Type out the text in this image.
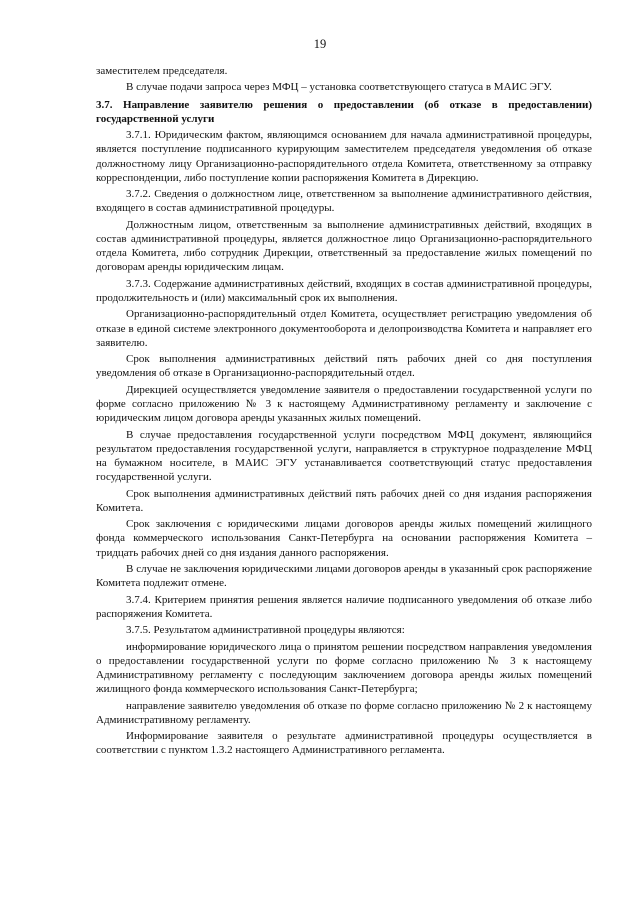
19

заместителем председателя.

В случае подачи запроса через МФЦ – установка соответствующего статуса в МАИС ЭГУ.

3.7. Направление заявителю решения о предоставлении (об отказе в предоставлении) государственной услуги

3.7.1. Юридическим фактом, являющимся основанием для начала административной процедуры, является поступление подписанного курирующим заместителем председателя уведомления об отказе должностному лицу Организационно-распорядительного отдела Комитета, ответственному за отправку корреспонденции, либо поступление копии распоряжения Комитета в Дирекцию.

3.7.2. Сведения о должностном лице, ответственном за выполнение административного действия, входящего в состав административной процедуры.

Должностным лицом, ответственным за выполнение административных действий, входящих в состав административной процедуры, является должностное лицо Организационно-распорядительного отдела Комитета, либо сотрудник Дирекции, ответственный за предоставление жилых помещений по договорам аренды юридическим лицам.

3.7.3. Содержание административных действий, входящих в состав административной процедуры, продолжительность и (или) максимальный срок их выполнения.

Организационно-распорядительный отдел Комитета, осуществляет регистрацию уведомления об отказе в единой системе электронного документооборота и делопроизводства Комитета и направляет его заявителю.

Срок выполнения административных действий пять рабочих дней со дня поступления уведомления об отказе в Организационно-распорядительный отдел.

Дирекцией осуществляется уведомление заявителя о предоставлении государственной услуги по форме согласно приложению № 3 к настоящему Административному регламенту и заключение с юридическим лицом договора аренды указанных жилых помещений.

В случае предоставления государственной услуги посредством МФЦ документ, являющийся результатом предоставления государственной услуги, направляется в структурное подразделение МФЦ на бумажном носителе, в МАИС ЭГУ устанавливается соответствующий статус предоставления государственной услуги.

Срок выполнения административных действий пять рабочих дней со дня издания распоряжения Комитета.

Срок заключения с юридическими лицами договоров аренды жилых помещений жилищного фонда коммерческого использования Санкт-Петербурга на основании распоряжения Комитета – тридцать рабочих дней со дня издания данного распоряжения.

В случае не заключения юридическими лицами договоров аренды в указанный срок распоряжение Комитета подлежит отмене.

3.7.4. Критерием принятия решения является наличие подписанного уведомления об отказе либо распоряжения Комитета.

3.7.5. Результатом административной процедуры являются:

информирование юридического лица о принятом решении посредством направления уведомления о предоставлении государственной услуги по форме согласно приложению № 3 к настоящему Административному регламенту с последующим заключением договора аренды жилых помещений жилищного фонда коммерческого использования Санкт-Петербурга;

направление заявителю уведомления об отказе по форме согласно приложению № 2 к настоящему Административному регламенту.

Информирование заявителя о результате административной процедуры осуществляется в соответствии с пунктом 1.3.2 настоящего Административного регламента.
